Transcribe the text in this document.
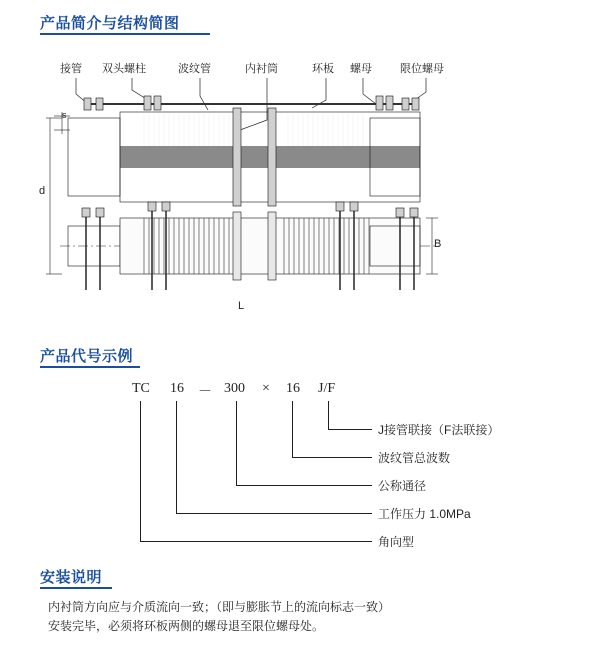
产品简介与结构简图
接管 双头螺柱	波纹管	内衬筒	环板 螺母	限位螺母
s
d
B
L
产品代号示例
TC 16 － 300 × 16 J/F
J接管联接（F法联接）
波纹管总波数
公称通径
工作压力 1.0MPa
角向型
安装说明
内衬筒方向应与介质流向一致；（即与膨胀节上的流向标志一致）
安装完毕，必须将环板两侧的螺母退至限位螺母处。
